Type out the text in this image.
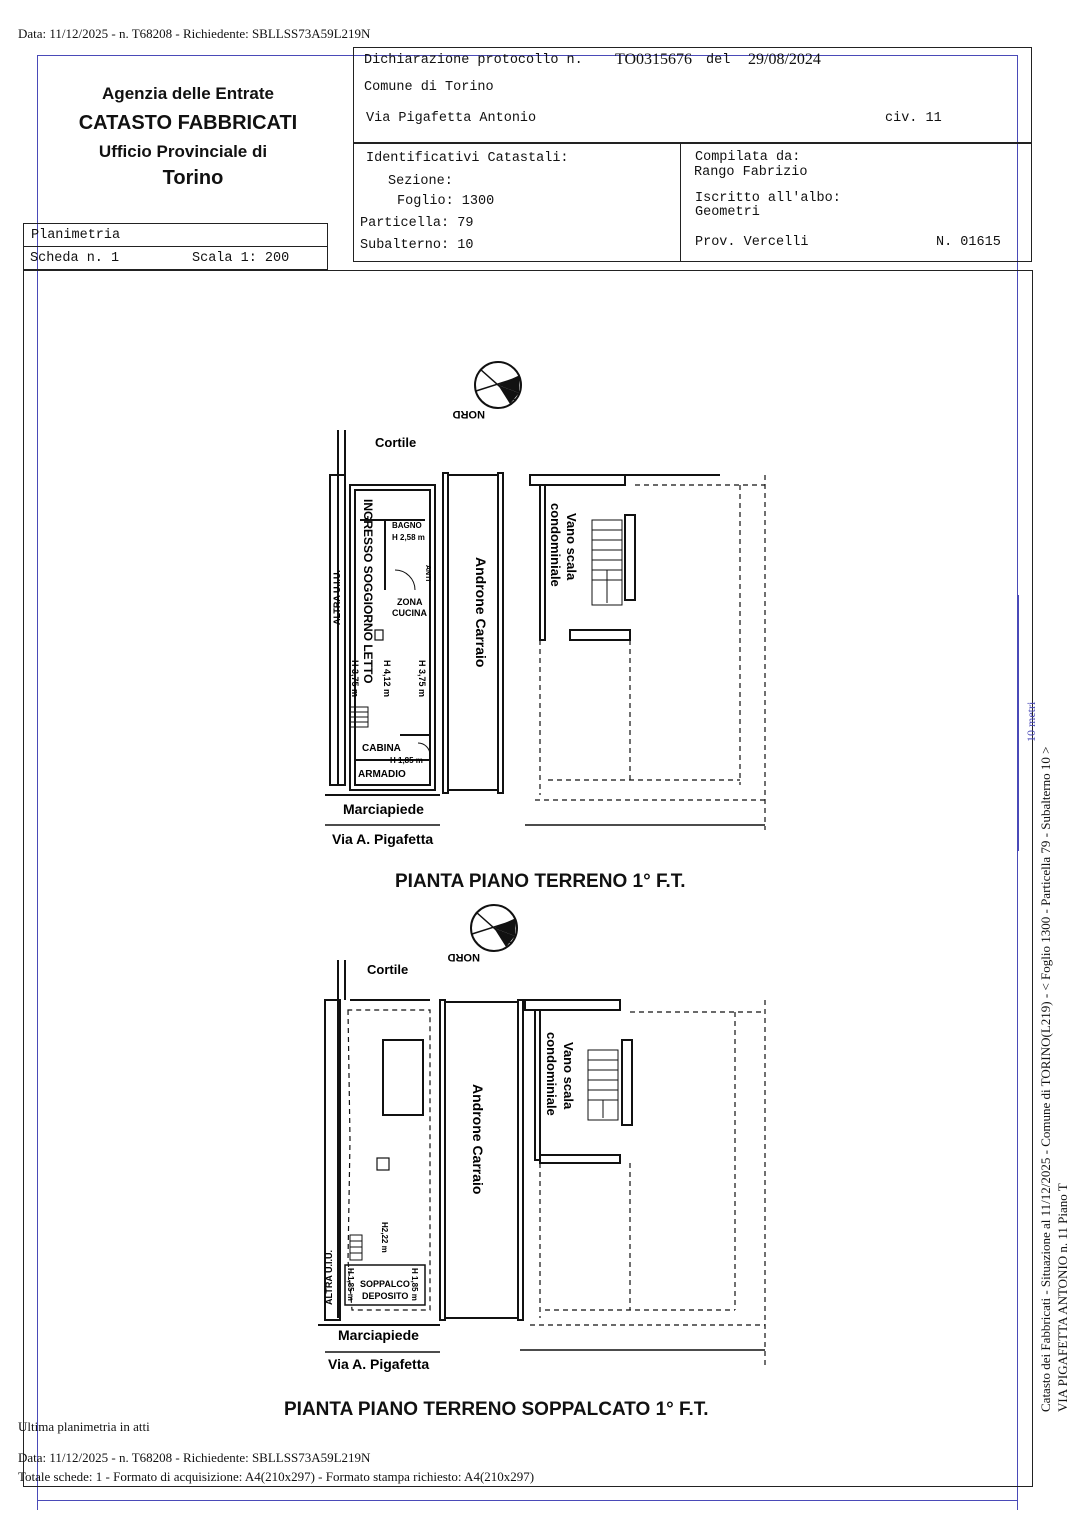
Data: 11/12/2025 - n. T68208 - Richiedente: SBLLSS73A59L219N
Agenzia delle Entrate
CATASTO FABBRICATI
Ufficio Provinciale di
Torino
Planimetria
Scheda n. 1	Scala 1: 200
Dichiarazione protocollo n. TO0315676 del 29/08/2024
Comune di Torino
Via Pigafetta Antonio	civ. 11
Identificativi Catastali:
Sezione:
Foglio: 1300
Particella: 79
Subalterno: 10
Compilata da:
Rango Fabrizio
Iscritto all'albo:
Geometri
Prov. Vercelli	N. 01615
Catasto dei Fabbricati - Situazione al 11/12/2025 - Comune di TORINO(L219) - < Foglio 1300 - Particella 79 - Subalterno 10 > VIA PIGAFETTA ANTONIO n. 11 Piano T
10 metri
NORD
Cortile
ALTRA U.I.U. INGRESSO SOGGIORNO LETTO BAGNO
H 2,58 m
ANTI
ZONA
CUCINA
H 4,12 m	H 3,75 m
H 3,75 m
CABINA
H 1,85 m
ARMADIO
Androne Carraio
Vano scala
condominiale
Marciapiede
Via A. Pigafetta
PIANTA PIANO TERRENO 1° F.T.
NORD
Cortile
ALTRA U.I.U.
H2,22 m
H 1,85 m	H 1,85 m
SOPPALCO
DEPOSITO
Androne Carraio
Vano scala
condominiale
Marciapiede
Via A. Pigafetta
PIANTA PIANO TERRENO SOPPALCATO 1° F.T.
Ultima planimetria in atti
Data: 11/12/2025 - n. T68208 - Richiedente: SBLLSS73A59L219N
Totale schede: 1 - Formato di acquisizione: A4(210x297) - Formato stampa richiesto: A4(210x297)
